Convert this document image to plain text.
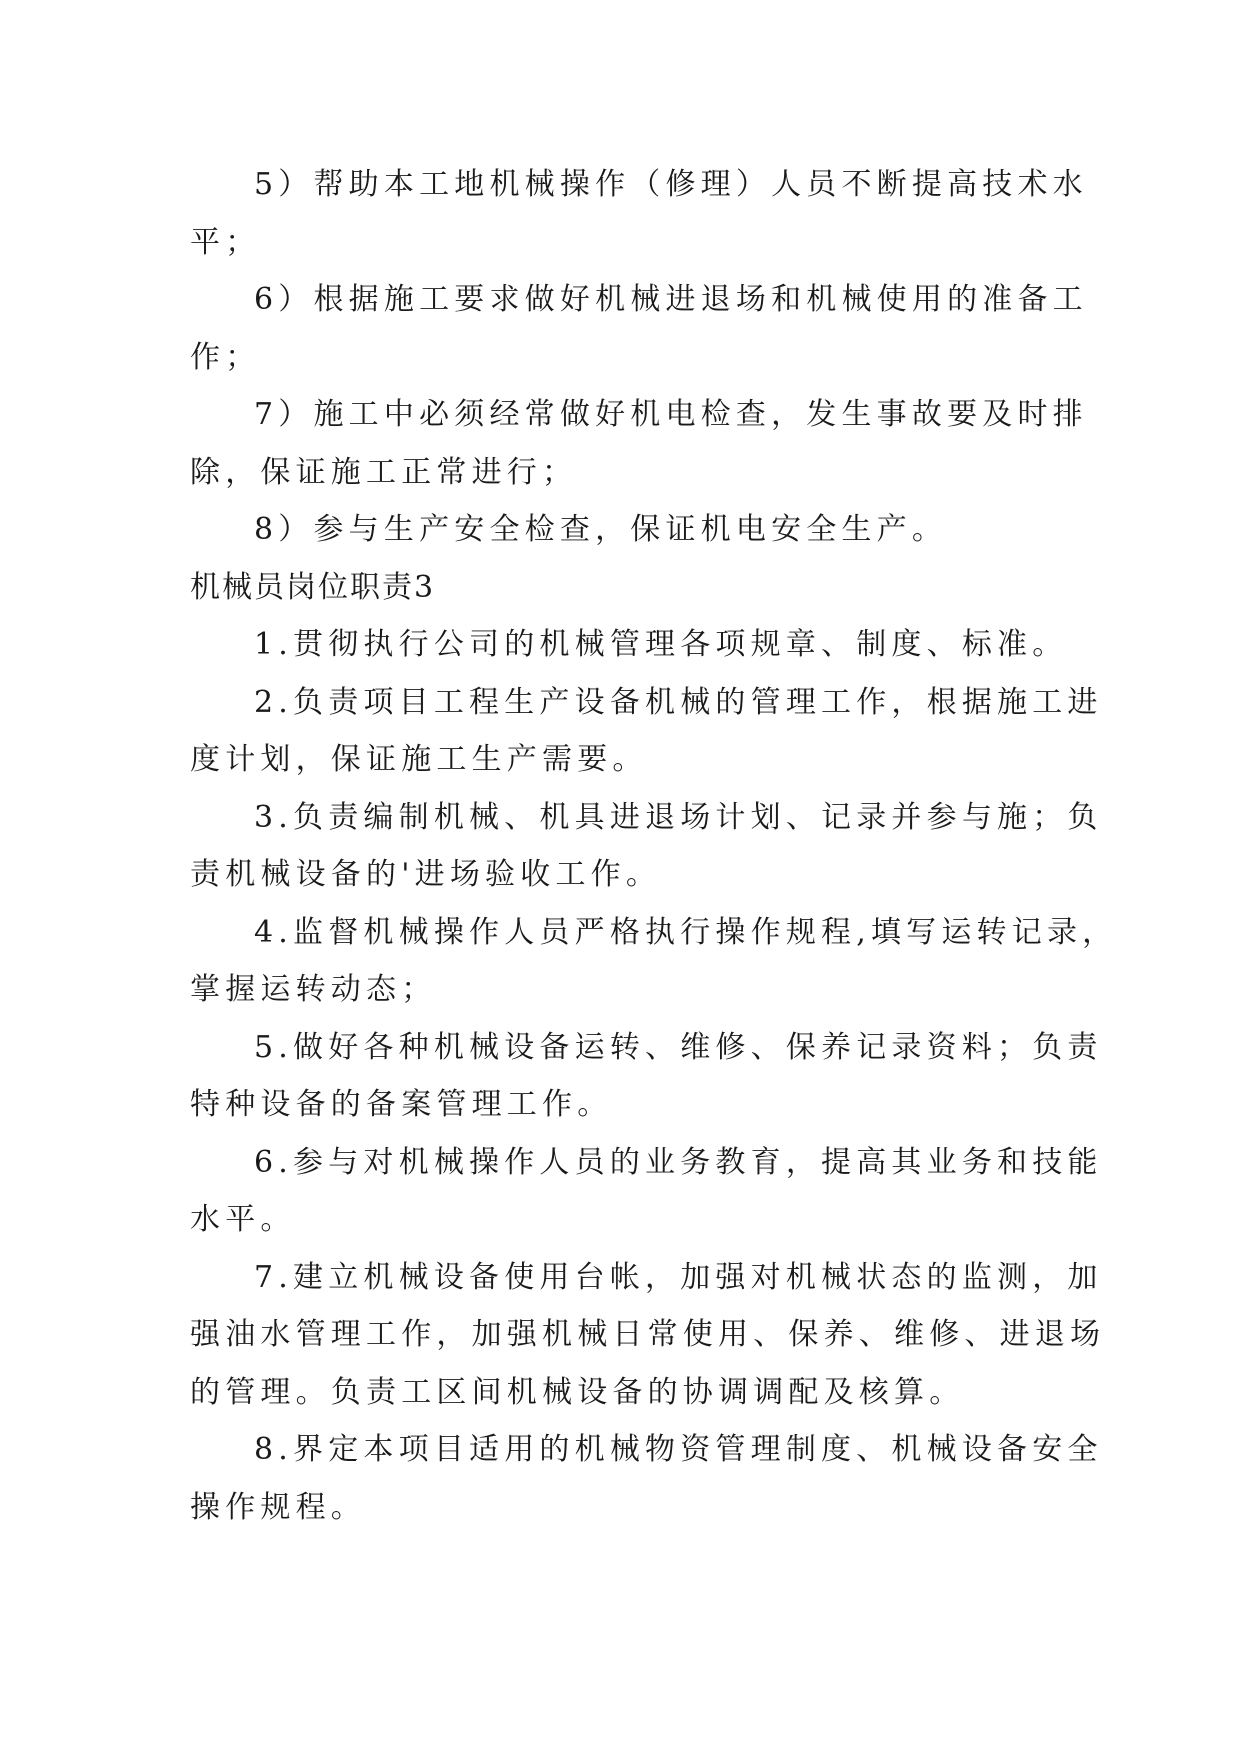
5）帮助本工地机械操作（修理）人员不断提高技术水
平；
6）根据施工要求做好机械进退场和机械使用的准备工
作；
7）施工中必须经常做好机电检查，发生事故要及时排
除，保证施工正常进行；
8）参与生产安全检查，保证机电安全生产。
机械员岗位职责3
1.贯彻执行公司的机械管理各项规章、制度、标准。
2.负责项目工程生产设备机械的管理工作，根据施工进
度计划，保证施工生产需要。
3.负责编制机械、机具进退场计划、记录并参与施；负
责机械设备的'进场验收工作。
4.监督机械操作人员严格执行操作规程,填写运转记录，
掌握运转动态；
5.做好各种机械设备运转、维修、保养记录资料；负责
特种设备的备案管理工作。
6.参与对机械操作人员的业务教育，提高其业务和技能
水平。
7.建立机械设备使用台帐，加强对机械状态的监测，加
强油水管理工作，加强机械日常使用、保养、维修、进退场
的管理。负责工区间机械设备的协调调配及核算。
8.界定本项目适用的机械物资管理制度、机械设备安全
操作规程。
